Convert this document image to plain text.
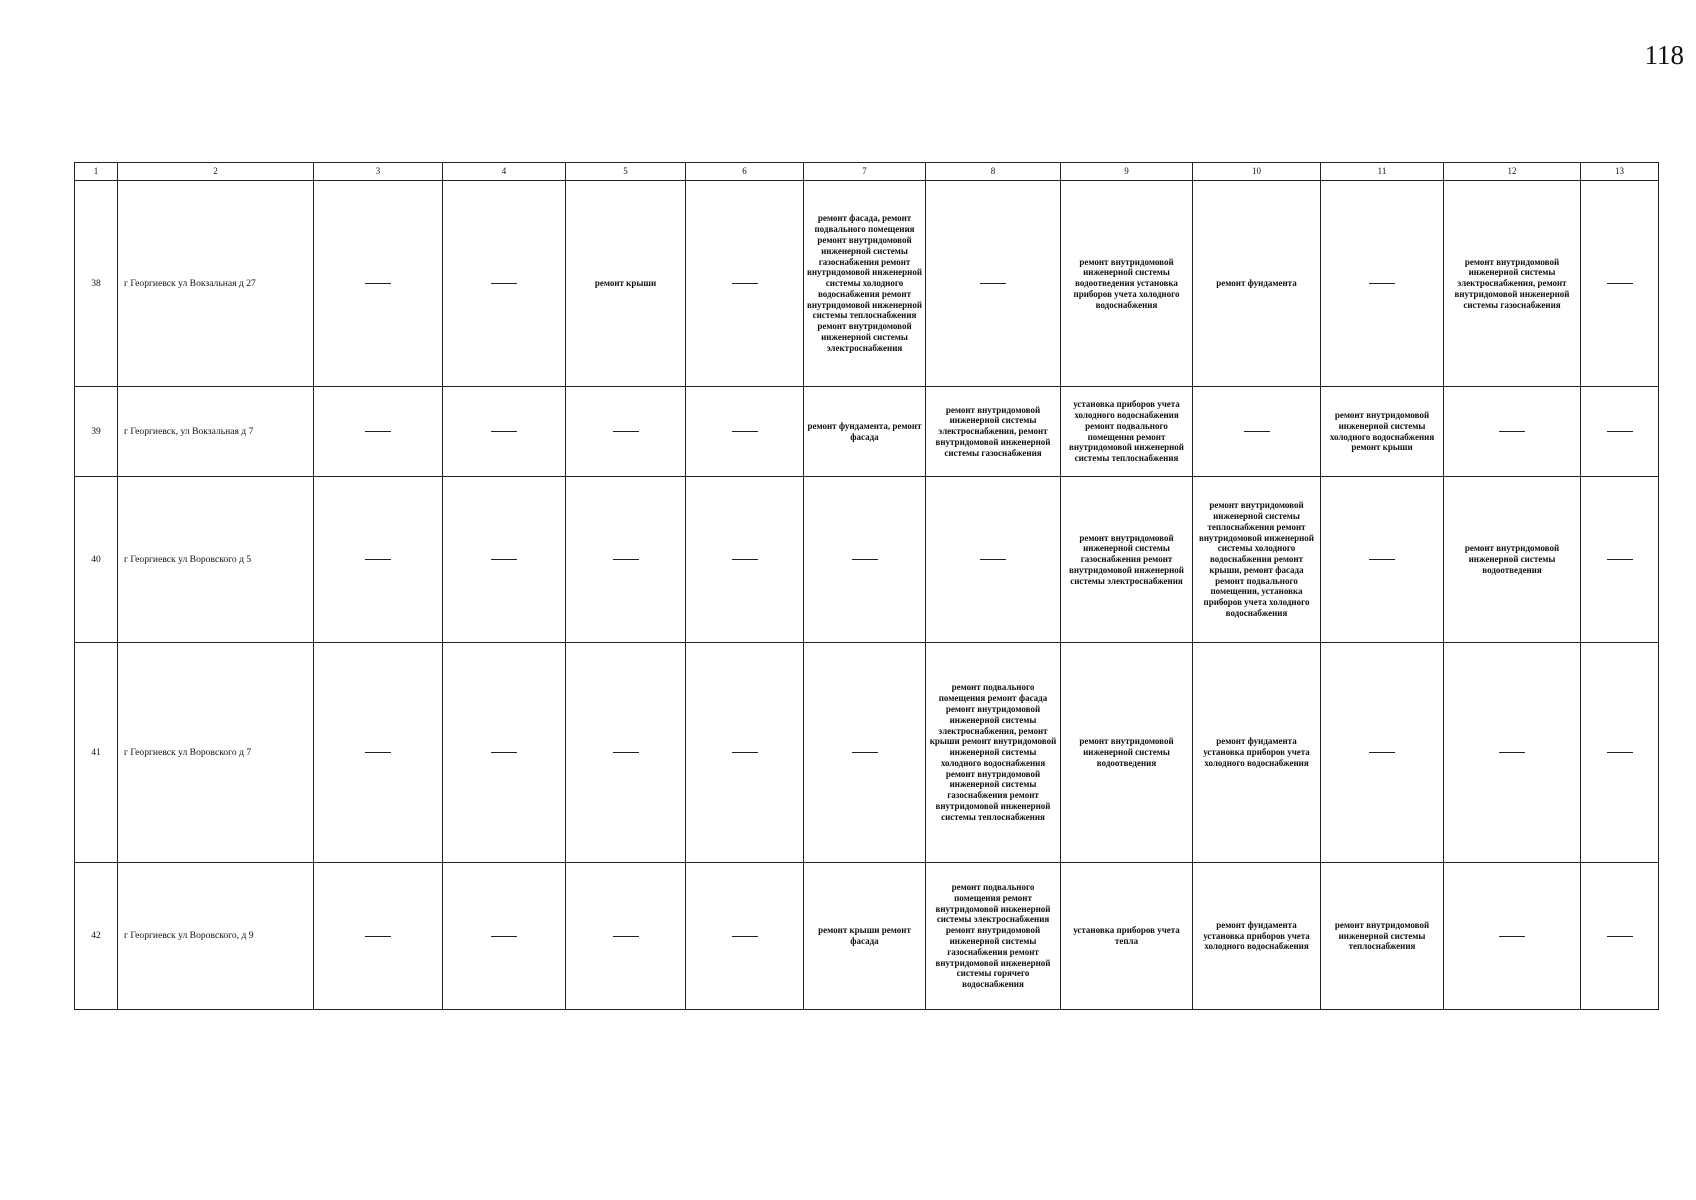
118
1	2	3	4	5	6	7	8	9	10	11	12	13
38	г Георгиевск ул Вокзальная д 27			ремонт крыши		ремонт фасада, ремонт подвального помещения ремонт внутридомовой инженерной системы газоснабжения ремонт внутридомовой инженерной системы холодного водоснабжения ремонт внутридомовой инженерной системы теплоснабжения ремонт внутридомовой инженерной системы электроснабжения		ремонт внутридомовой инженерной системы водоотведения установка приборов учета холодного водоснабжения	ремонт фундамента		ремонт внутридомовой инженерной системы электроснабжения, ремонт внутридомовой инженерной системы газоснабжения	
39	г Георгиевск, ул Вокзальная д 7					ремонт фундамента, ремонт фасада	ремонт внутридомовой инженерной системы электроснабжения, ремонт внутридомовой инженерной системы газоснабжения	установка приборов учета холодного водоснабжения ремонт подвального помещения ремонт внутридомовой инженерной системы теплоснабжения		ремонт внутридомовой инженерной системы холодного водоснабжения ремонт крыши		
40	г Георгиевск ул Воровского д 5							ремонт внутридомовой инженерной системы газоснабжения ремонт внутридомовой инженерной системы электроснабжения	ремонт внутридомовой инженерной системы теплоснабжения ремонт внутридомовой инженерной системы холодного водоснабжения ремонт крыши, ремонт фасада ремонт подвального помещения, установка приборов учета холодного водоснабжения		ремонт внутридомовой инженерной системы водоотведения	
41	г Георгиевск ул Воровского д 7						ремонт подвального помещения ремонт фасада ремонт внутридомовой инженерной системы электроснабжения, ремонт крыши ремонт внутридомовой инженерной системы холодного водоснабжения ремонт внутридомовой инженерной системы газоснабжения ремонт внутридомовой инженерной системы теплоснабжения	ремонт внутридомовой инженерной системы водоотведения	ремонт фундамента установка приборов учета холодного водоснабжения			
42	г Георгиевск ул Воровского, д 9					ремонт крыши ремонт фасада	ремонт подвального помещения ремонт внутридомовой инженерной системы электроснабжения ремонт внутридомовой инженерной системы газоснабжения ремонт внутридомовой инженерной системы горячего водоснабжения	установка приборов учета тепла	ремонт фундамента установка приборов учета холодного водоснабжения	ремонт внутридомовой инженерной системы теплоснабжения		
